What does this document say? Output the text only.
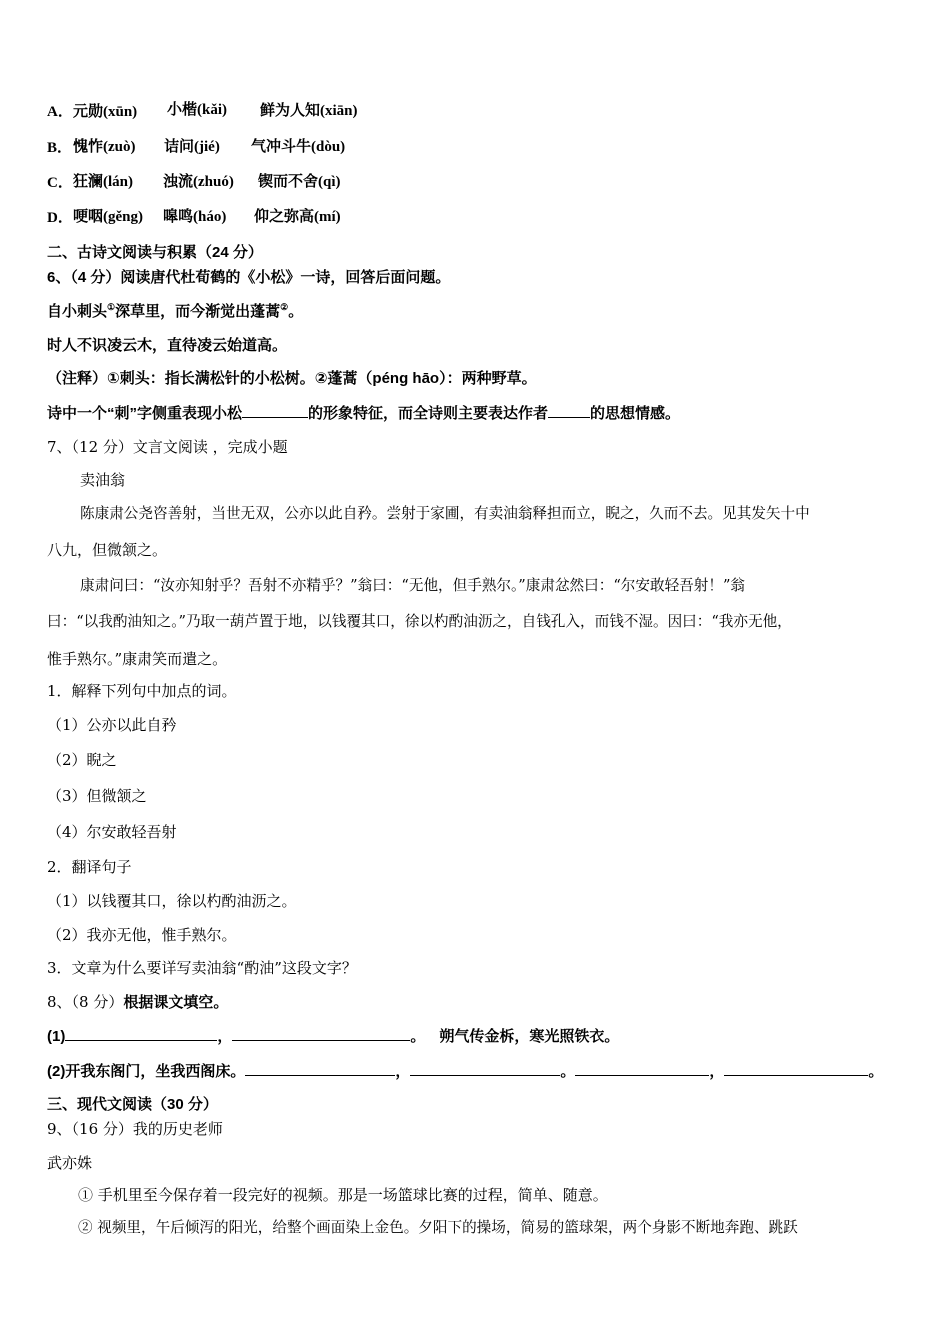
A． 元勋(xūn) 小楷(kǎi) 鲜为人知(xiān)
B． 愧怍(zuò) 诘问(jié) 气冲斗牛(dòu)
C． 狂澜(lán) 浊流(zhuó) 锲而不舍(qì)
D． 哽咽(gěng) 嗥鸣(háo) 仰之弥高(mí)
二、古诗文阅读与积累（24 分）
6、（4 分）阅读唐代杜荀鹤的《小松》一诗，回答后面问题。
自小刺头①深草里，而今渐觉出蓬蒿②。
时人不识凌云木，直待凌云始道高。
（注释）①刺头：指长满松针的小松树。②蓬蒿（péng hāo）：两种野草。
诗中一个“刺”字侧重表现小松	的形象特征，而全诗则主要表达作者	的思想情感。
7、（12 分）文言文阅读 ，完成小题
卖油翁
陈康肃公尧咨善射，当世无双，公亦以此自矜。尝射于家圃，有卖油翁释担而立，睨之，久而不去。见其发矢十中
八九，但微颔之。
康肃问曰：“汝亦知射乎？吾射不亦精乎？”翁曰：“无他，但手熟尔。”康肃忿然曰：“尔安敢轻吾射！”翁
曰：“以我酌油知之。”乃取一葫芦置于地，以钱覆其口，徐以杓酌油沥之，自钱孔入，而钱不湿。因曰：“我亦无他，
惟手熟尔。”康肃笑而遣之。
1．解释下列句中加点的词。
（1）公亦以此自矜
（2）睨之
（3）但微颔之
（4）尔安敢轻吾射
2．翻译句子
（1）以钱覆其口，徐以杓酌油沥之。
（2）我亦无他，惟手熟尔。
3．文章为什么要详写卖油翁“酌油”这段文字？
8、（8 分）根据课文填空。
(1)	，	。 朔气传金柝，寒光照铁衣。
(2)开我东阁门，坐我西阁床。	，	。	，	。
三、现代文阅读（30 分）
9、（16 分）我的历史老师
武亦姝
① 手机里至今保存着一段完好的视频。那是一场篮球比赛的过程，简单、随意。
② 视频里，午后倾泻的阳光，给整个画面染上金色。夕阳下的操场，简易的篮球架，两个身影不断地奔跑、跳跃
